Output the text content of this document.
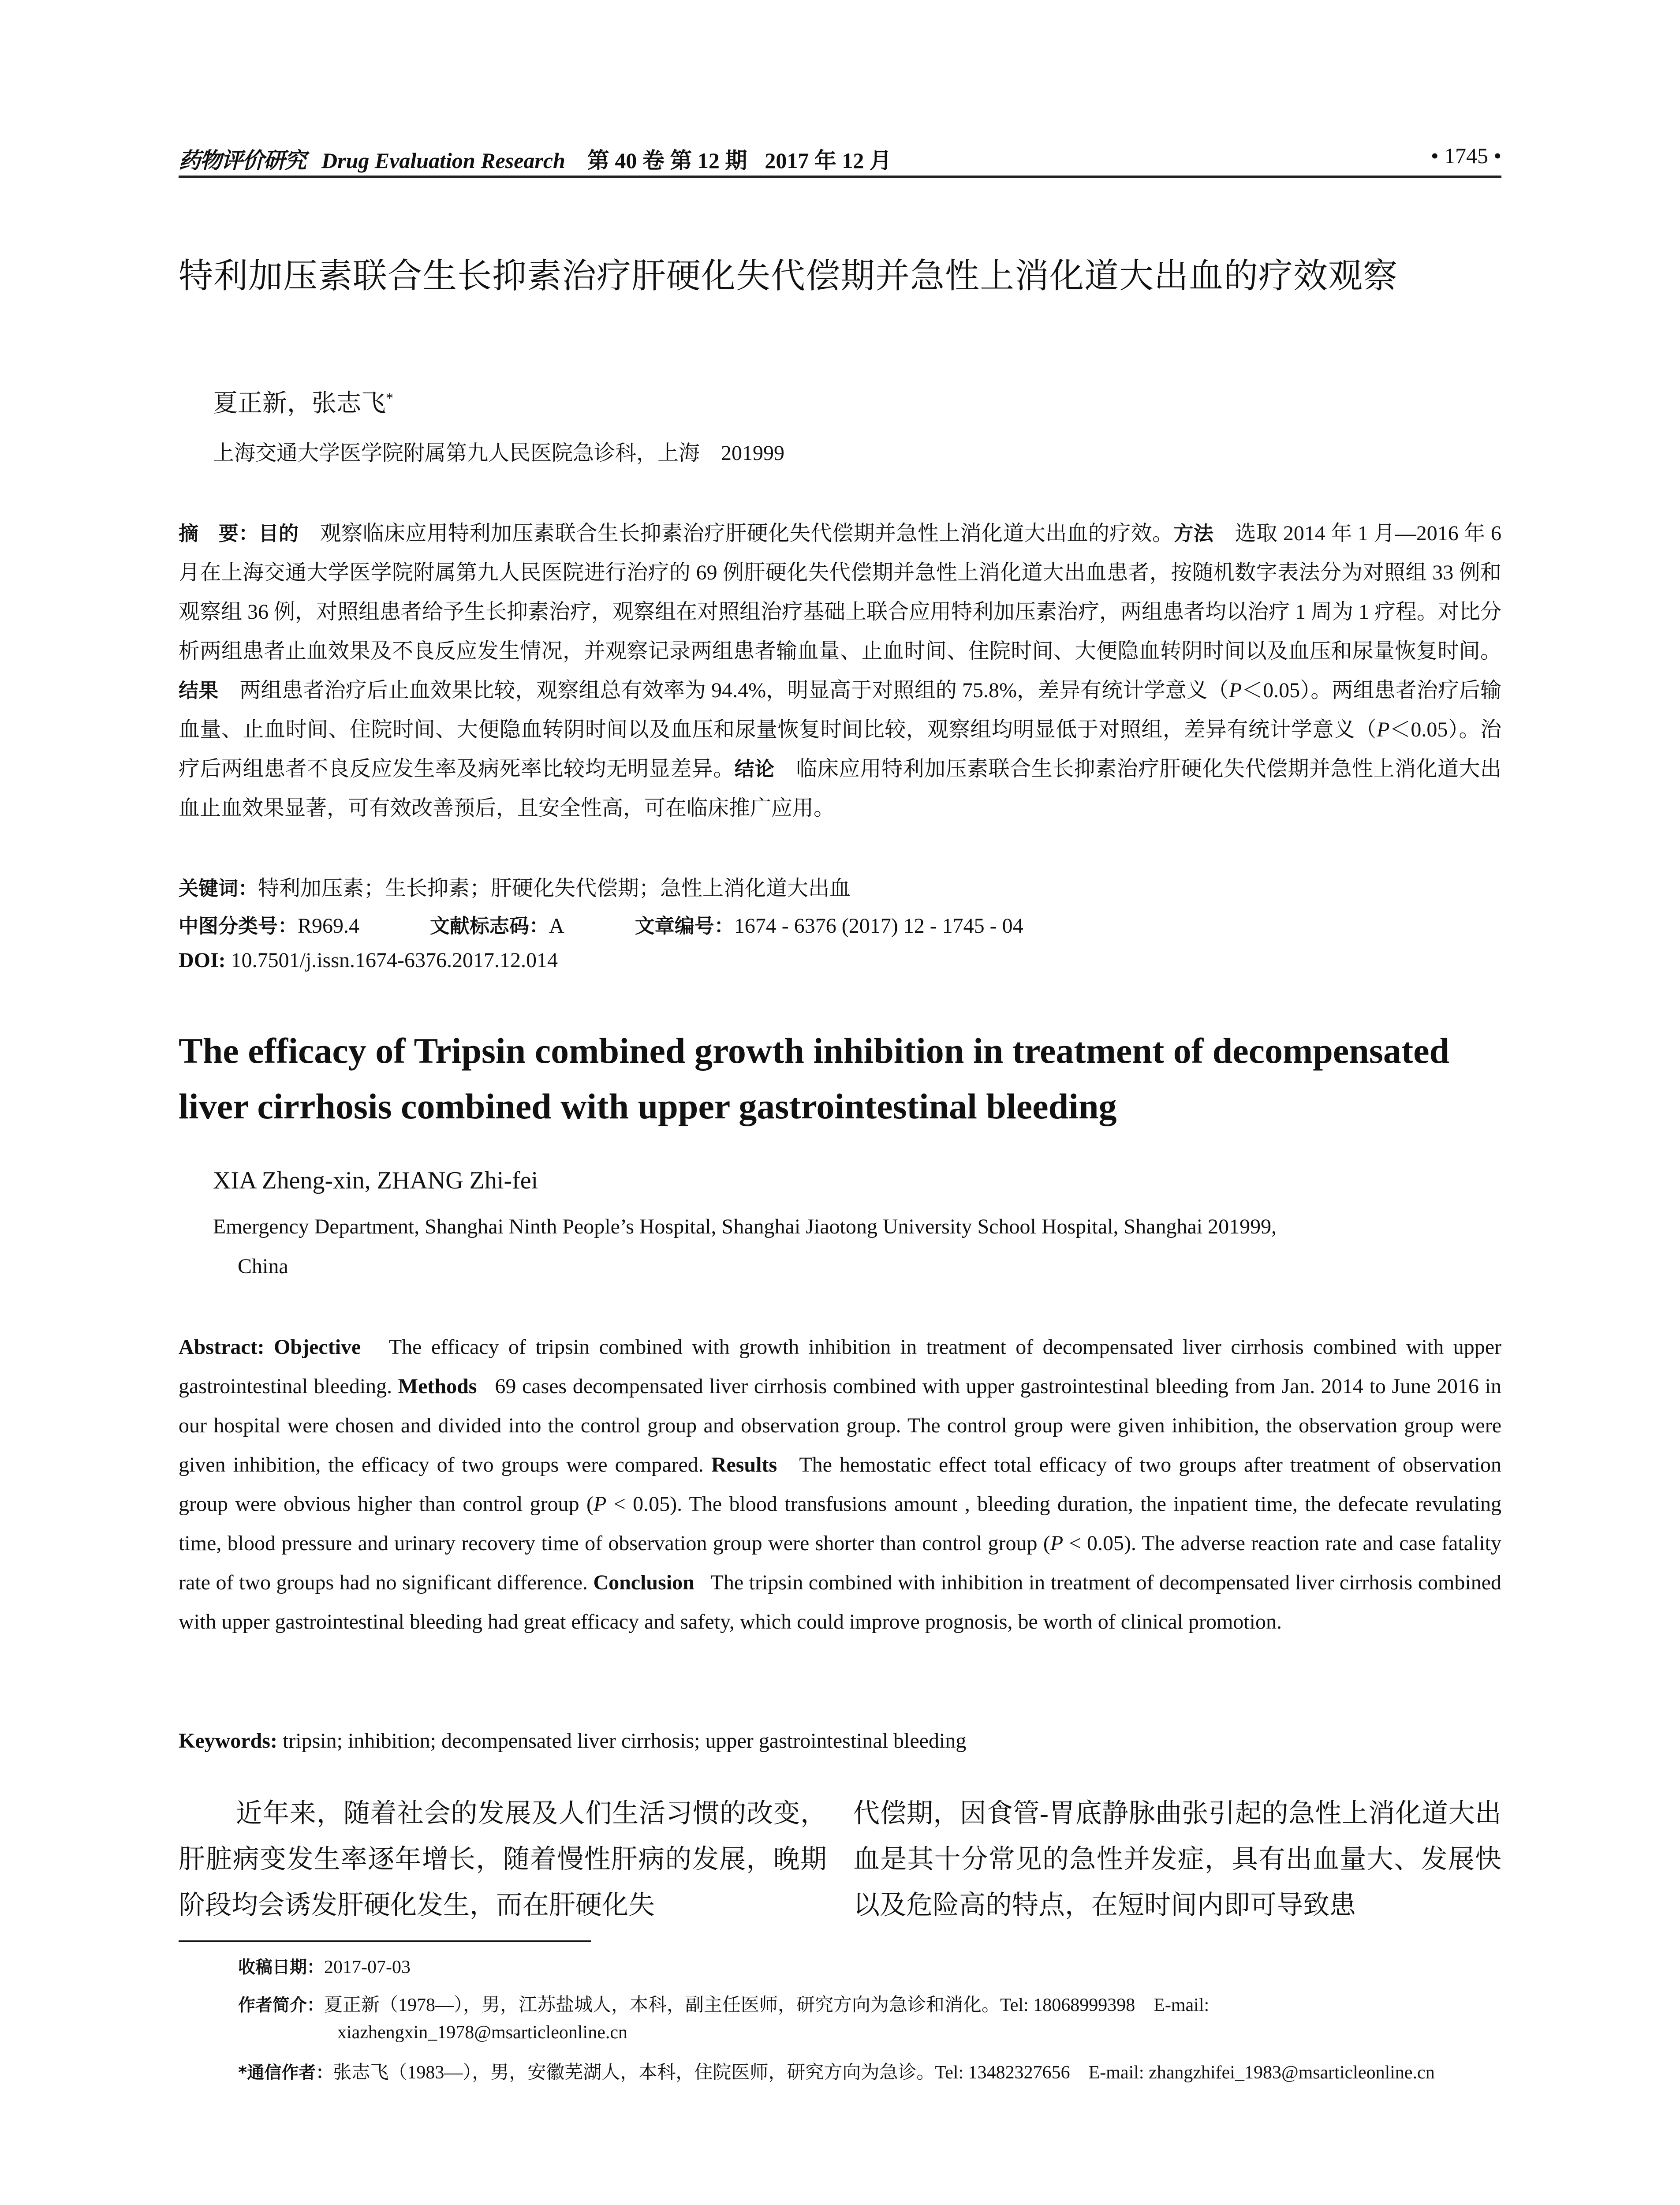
药物评价研究 Drug Evaluation Research 第 40 卷 第 12 期 2017 年 12 月	• 1745 •
特利加压素联合生长抑素治疗肝硬化失代偿期并急性上消化道大出血的疗效观察
夏正新，张志飞*
上海交通大学医学院附属第九人民医院急诊科，上海　201999
摘　要：目的　 观察临床应用特利加压素联合生长抑素治疗肝硬化失代偿期并急性上消化道大出血的疗效。方法　 选取 2014 年 1 月—2016 年 6 月在上海交通大学医学院附属第九人民医院进行治疗的 69 例肝硬化失代偿期并急性上消化道大出血患者，按随机数字表法分为对照组 33 例和观察组 36 例，对照组患者给予生长抑素治疗，观察组在对照组治疗基础上联合应用特利加压素治疗，两组患者均以治疗 1 周为 1 疗程。对比分析两组患者止血效果及不良反应发生情况，并观察记录两组患者输血量、止血时间、住院时间、大便隐血转阴时间以及血压和尿量恢复时间。结果　 两组患者治疗后止血效果比较，观察组总有效率为 94.4%，明显高于对照组的 75.8%，差异有统计学意义（P＜0.05）。两组患者治疗后输血量、止血时间、住院时间、大便隐血转阴时间以及血压和尿量恢复时间比较，观察组均明显低于对照组，差异有统计学意义（P＜0.05）。治疗后两组患者不良反应发生率及病死率比较均无明显差异。结论　 临床应用特利加压素联合生长抑素治疗肝硬化失代偿期并急性上消化道大出血止血效果显著，可有效改善预后，且安全性高，可在临床推广应用。
关键词：特利加压素；生长抑素；肝硬化失代偿期；急性上消化道大出血
中图分类号：R969.4	文献标志码：A	文章编号：1674 - 6376 (2017) 12 - 1745 - 04
DOI: 10.7501/j.issn.1674-6376.2017.12.014
The efficacy of Tripsin combined growth inhibition in treatment of decompensated liver cirrhosis combined with upper gastrointestinal bleeding
XIA Zheng-xin, ZHANG Zhi-fei
Emergency Department, Shanghai Ninth People’s Hospital, Shanghai Jiaotong University School Hospital, Shanghai 201999,
China
Abstract: Objective The efficacy of tripsin combined with growth inhibition in treatment of decompensated liver cirrhosis combined with upper gastrointestinal bleeding. Methods 69 cases decompensated liver cirrhosis combined with upper gastrointestinal bleeding from Jan. 2014 to June 2016 in our hospital were chosen and divided into the control group and observation group. The control group were given inhibition, the observation group were given inhibition, the efficacy of two groups were compared. Results The hemostatic effect total efficacy of two groups after treatment of observation group were obvious higher than control group (P < 0.05). The blood transfusions amount , bleeding duration, the inpatient time, the defecate revulating time, blood pressure and urinary recovery time of observation group were shorter than control group (P < 0.05). The adverse reaction rate and case fatality rate of two groups had no significant difference. Conclusion The tripsin combined with inhibition in treatment of decompensated liver cirrhosis combined with upper gastrointestinal bleeding had great efficacy and safety, which could improve prognosis, be worth of clinical promotion.
Keywords: tripsin; inhibition; decompensated liver cirrhosis; upper gastrointestinal bleeding
近年来，随着社会的发展及人们生活习惯的改变，肝脏病变发生率逐年增长，随着慢性肝病的发展，晚期阶段均会诱发肝硬化发生，而在肝硬化失
代偿期，因食管-胃底静脉曲张引起的急性上消化道大出血是其十分常见的急性并发症，具有出血量大、发展快以及危险高的特点，在短时间内即可导致患
收稿日期：2017-07-03
作者简介：夏正新（1978—），男，江苏盐城人，本科，副主任医师，研究方向为急诊和消化。Tel: 18068999398　E-mail:
xiazhengxin_1978@msarticleonline.cn
*通信作者：张志飞（1983—），男，安徽芜湖人，本科，住院医师，研究方向为急诊。Tel: 13482327656　E-mail: zhangzhifei_1983@msarticleonline.cn
